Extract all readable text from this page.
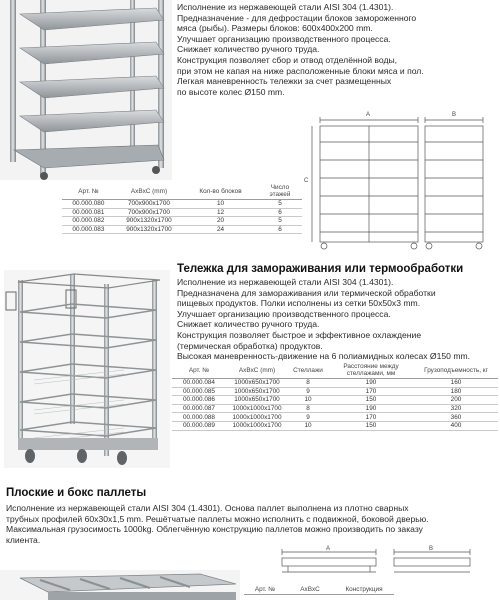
Исполнение из нержавеющей стали AISI 304 (1.4301).
Предназначение - для дефростации блоков замороженного
мяса (рыбы). Размеры блоков: 600x400x200 mm.
Улучшает организацию производственного процесса.
Снижает количество ручного труда.
Конструкция позволяет сбор и отвод отделённой воды,
при этом не капая на ниже расположенные блоки мяса и пол.
Легкая маневренность тележки за счет размещенных
по высоте колес Ø150 mm.
A	B
C
Арт. №	AxBxC (mm)	Кол-во блоков	Число этажей
00.000.080	700x900x1700	10	5
00.000.081	700x900x1700	12	6
00.000.082	900x1320x1700	20	5
00.000.083	900x1320x1700	24	6
Тележка для замораживания или термообработки
Исполнение из нержавеющей стали AISI 304 (1.4301).
Предназначена для замораживания или термической обработки
пищевых продуктов. Полки исполнены из сетки 50x50x3 mm.
Улучшает организацию производственного процесса.
Снижает количество ручного труда.
Конструкция позволяет быстрое и эффективное охлаждение
(термическая обработка) продуктов.
Высокая маневренность-движение на 6 полиамидных колесах Ø150 mm.
Арт. №	AxBxC (mm)	Стеллажи	Расстояние между стеллажами, мм	Грузоподъемность, кг
00.000.084	1000x650x1700	8	190	160
00.000.085	1000x650x1700	9	170	180
00.000.086	1000x650x1700	10	150	200
00.000.087	1000x1000x1700	8	190	320
00.000.088	1000x1000x1700	9	170	360
00.000.089	1000x1000x1700	10	150	400
Плоские и бокс паллеты
Исполнение из нержавеющей стали AISI 304 (1.4301). Основа паллет выполнена из плотно сварных
трубных профилей 60x30x1,5 mm. Решётчатые паллеты можно исполнить с подвижной, боковой дверью.
Максимальная грузосимость 1000kg. Облегчённую конструкцию паллетов можно производить по заказу
клиента.
Арт. №	AxBxC	Конструкция
A	B
